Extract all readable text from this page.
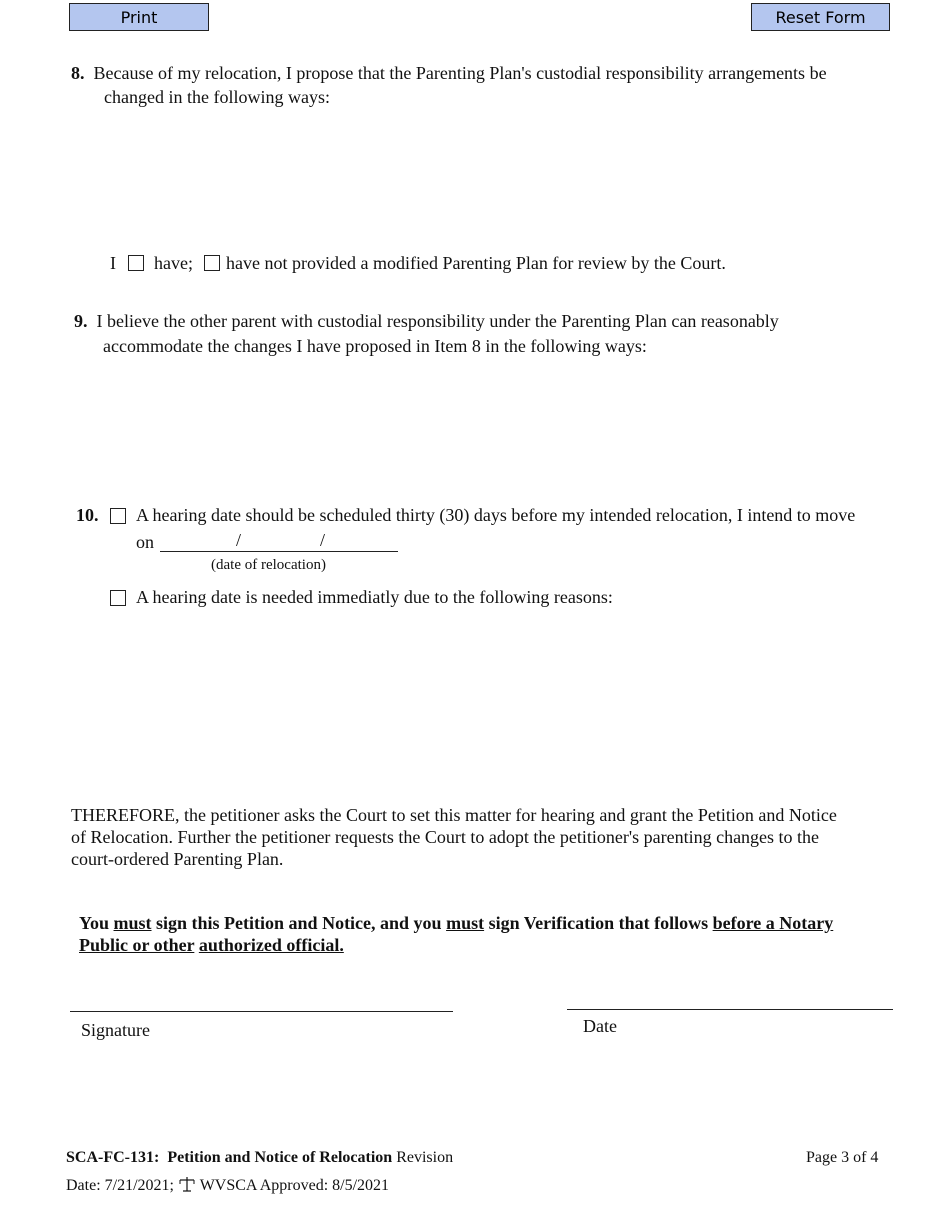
Print	Reset Form
8. Because of my relocation, I propose that the Parenting Plan's custodial responsibility arrangements be
changed in the following ways:
I have; have not provided a modified Parenting Plan for review by the Court.
9. I believe the other parent with custodial responsibility under the Parenting Plan can reasonably
accommodate the changes I have proposed in Item 8 in the following ways:
10. A hearing date should be scheduled thirty (30) days before my intended relocation, I intend to move
on	/	/
(date of relocation)
A hearing date is needed immediatly due to the following reasons:
THEREFORE, the petitioner asks the Court to set this matter for hearing and grant the Petition and Notice
of Relocation. Further the petitioner requests the Court to adopt the petitioner's parenting changes to the
court-ordered Parenting Plan.
You must sign this Petition and Notice, and you must sign Verification that follows before a Notary
Public or other authorized official.
Signature	Date
SCA-FC-131: Petition and Notice of Relocation Revision
Date: 7/21/2021; WVSCA Approved: 8/5/2021
Page 3 of 4
